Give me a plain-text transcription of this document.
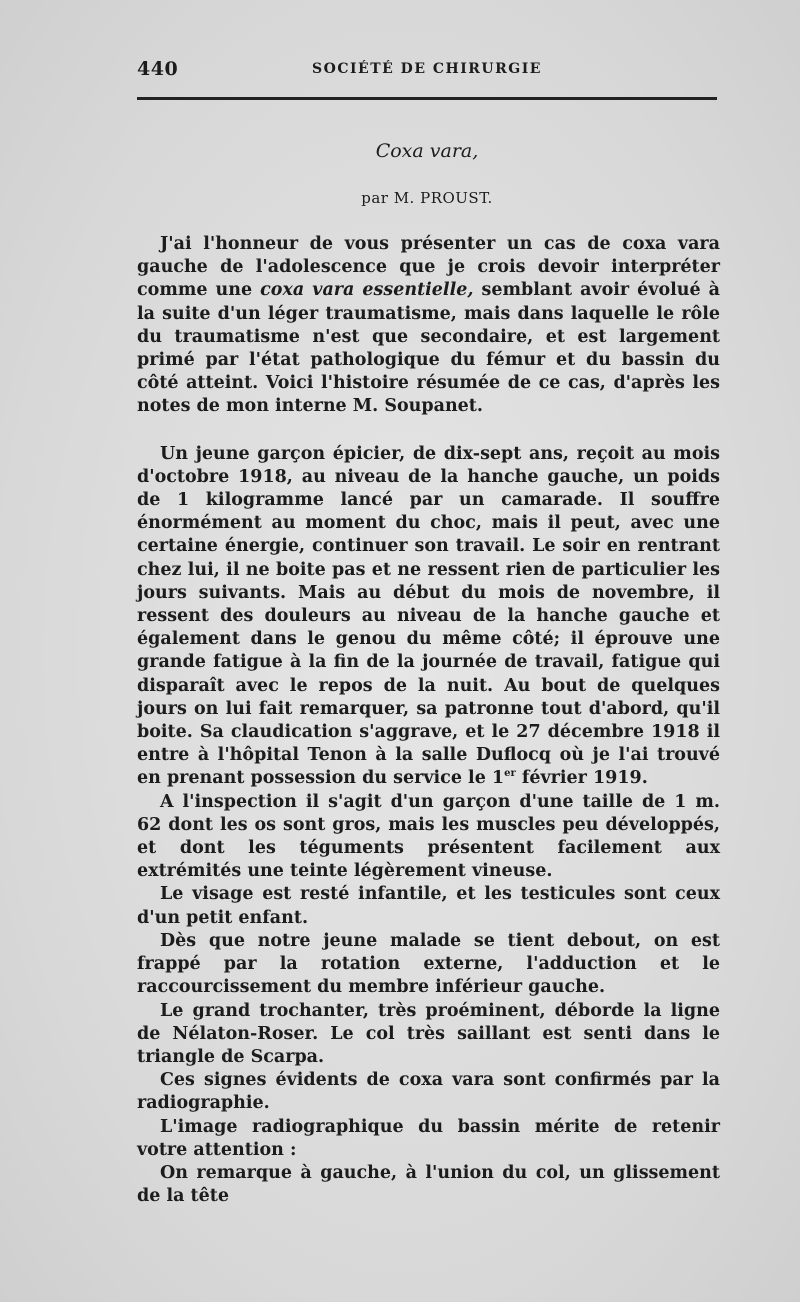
440	SOCIÉTÉ DE CHIRURGIE
Coxa vara,
par M. PROUST.

J'ai l'honneur de vous présenter un cas de coxa vara gauche de l'adolescence que je crois devoir interpréter comme une coxa vara essentielle, semblant avoir évolué à la suite d'un léger traumatisme, mais dans laquelle le rôle du traumatisme n'est que secondaire, et est largement primé par l'état pathologique du fémur et du bassin du côté atteint. Voici l'histoire résumée de ce cas, d'après les notes de mon interne M. Soupanet.

Un jeune garçon épicier, de dix-sept ans, reçoit au mois d'octobre 1918, au niveau de la hanche gauche, un poids de 1 kilogramme lancé par un camarade. Il souffre énormément au moment du choc, mais il peut, avec une certaine énergie, continuer son travail. Le soir en rentrant chez lui, il ne boite pas et ne ressent rien de particulier les jours suivants. Mais au début du mois de novembre, il ressent des douleurs au niveau de la hanche gauche et également dans le genou du même côté; il éprouve une grande fatigue à la fin de la journée de travail, fatigue qui disparaît avec le repos de la nuit. Au bout de quelques jours on lui fait remarquer, sa patronne tout d'abord, qu'il boite. Sa claudication s'aggrave, et le 27 décembre 1918 il entre à l'hôpital Tenon à la salle Duflocq où je l'ai trouvé en prenant possession du service le 1er février 1919.

A l'inspection il s'agit d'un garçon d'une taille de 1 m. 62 dont les os sont gros, mais les muscles peu développés, et dont les téguments présentent facilement aux extrémités une teinte légèrement vineuse.

Le visage est resté infantile, et les testicules sont ceux d'un petit enfant.

Dès que notre jeune malade se tient debout, on est frappé par la rotation externe, l'adduction et le raccourcissement du membre inférieur gauche.

Le grand trochanter, très proéminent, déborde la ligne de Nélaton-Roser. Le col très saillant est senti dans le triangle de Scarpa.

Ces signes évidents de coxa vara sont confirmés par la radiographie.

L'image radiographique du bassin mérite de retenir votre attention :

On remarque à gauche, à l'union du col, un glissement de la tête
